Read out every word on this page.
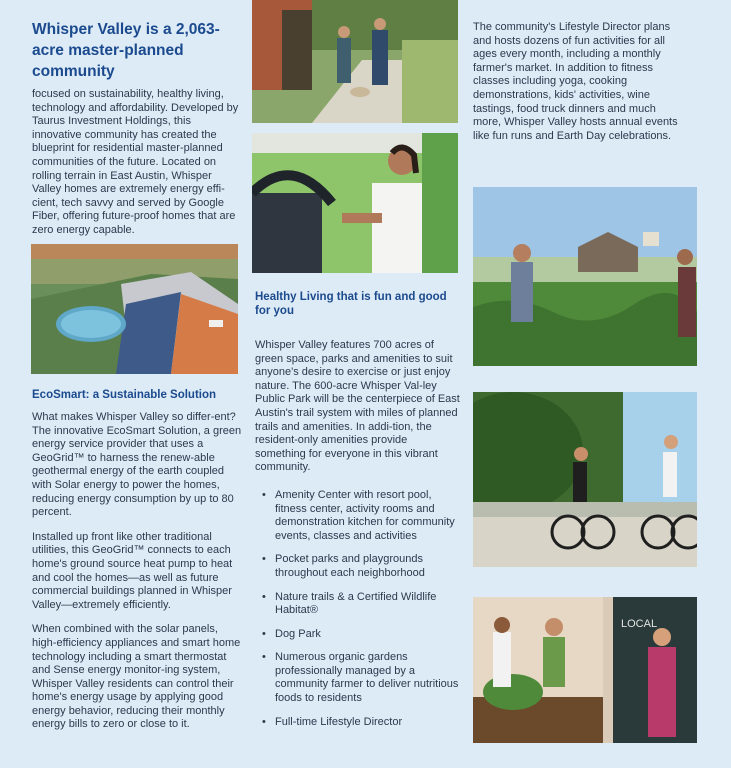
Whisper Valley is a 2,063-acre master-planned community

focused on sustainability, healthy living, technology and affordability. Developed by Taurus Investment Holdings, this innovative community has created the blueprint for residential master-planned communities of the future. Located on rolling terrain in East Austin, Whisper Valley homes are extremely energy effi-cient, tech savvy and served by Google Fiber, offering future-proof homes that are zero energy capable.

EcoSmart: a Sustainable Solution

What makes Whisper Valley so differ-ent? The innovative EcoSmart Solution, a green energy service provider that uses a GeoGrid™ to harness the renew-able geothermal energy of the earth coupled with Solar energy to power the homes, reducing energy consumption by up to 80 percent.

Installed up front like other traditional utilities, this GeoGrid™ connects to each home's ground source heat pump to heat and cool the homes—as well as future commercial buildings planned in Whisper Valley—extremely efficiently.

When combined with the solar panels, high-efficiency appliances and smart home technology including a smart thermostat and Sense energy monitor-ing system, Whisper Valley residents can control their home's energy usage by applying good energy behavior, reducing their monthly energy bills to zero or close to it.

Healthy Living that is fun and good for you

Whisper Valley features 700 acres of green space, parks and amenities to suit anyone's desire to exercise or just enjoy nature. The 600-acre Whisper Val-ley Public Park will be the centerpiece of East Austin's trail system with miles of planned trails and amenities. In addi-tion, the resident-only amenities provide something for everyone in this vibrant community.

• Amenity Center with resort pool, fitness center, activity rooms and demonstration kitchen for community events, classes and activities
• Pocket parks and playgrounds throughout each neighborhood
• Nature trails & a Certified Wildlife Habitat®
• Dog Park
• Numerous organic gardens professionally managed by a community farmer to deliver nutritious foods to residents
• Full-time Lifestyle Director

The community's Lifestyle Director plans and hosts dozens of fun activities for all ages every month, including a monthly farmer's market. In addition to fitness classes including yoga, cooking demonstrations, kids' activities, wine tastings, food truck dinners and much more, Whisper Valley hosts annual events like fun runs and Earth Day celebrations.

LOCAL
